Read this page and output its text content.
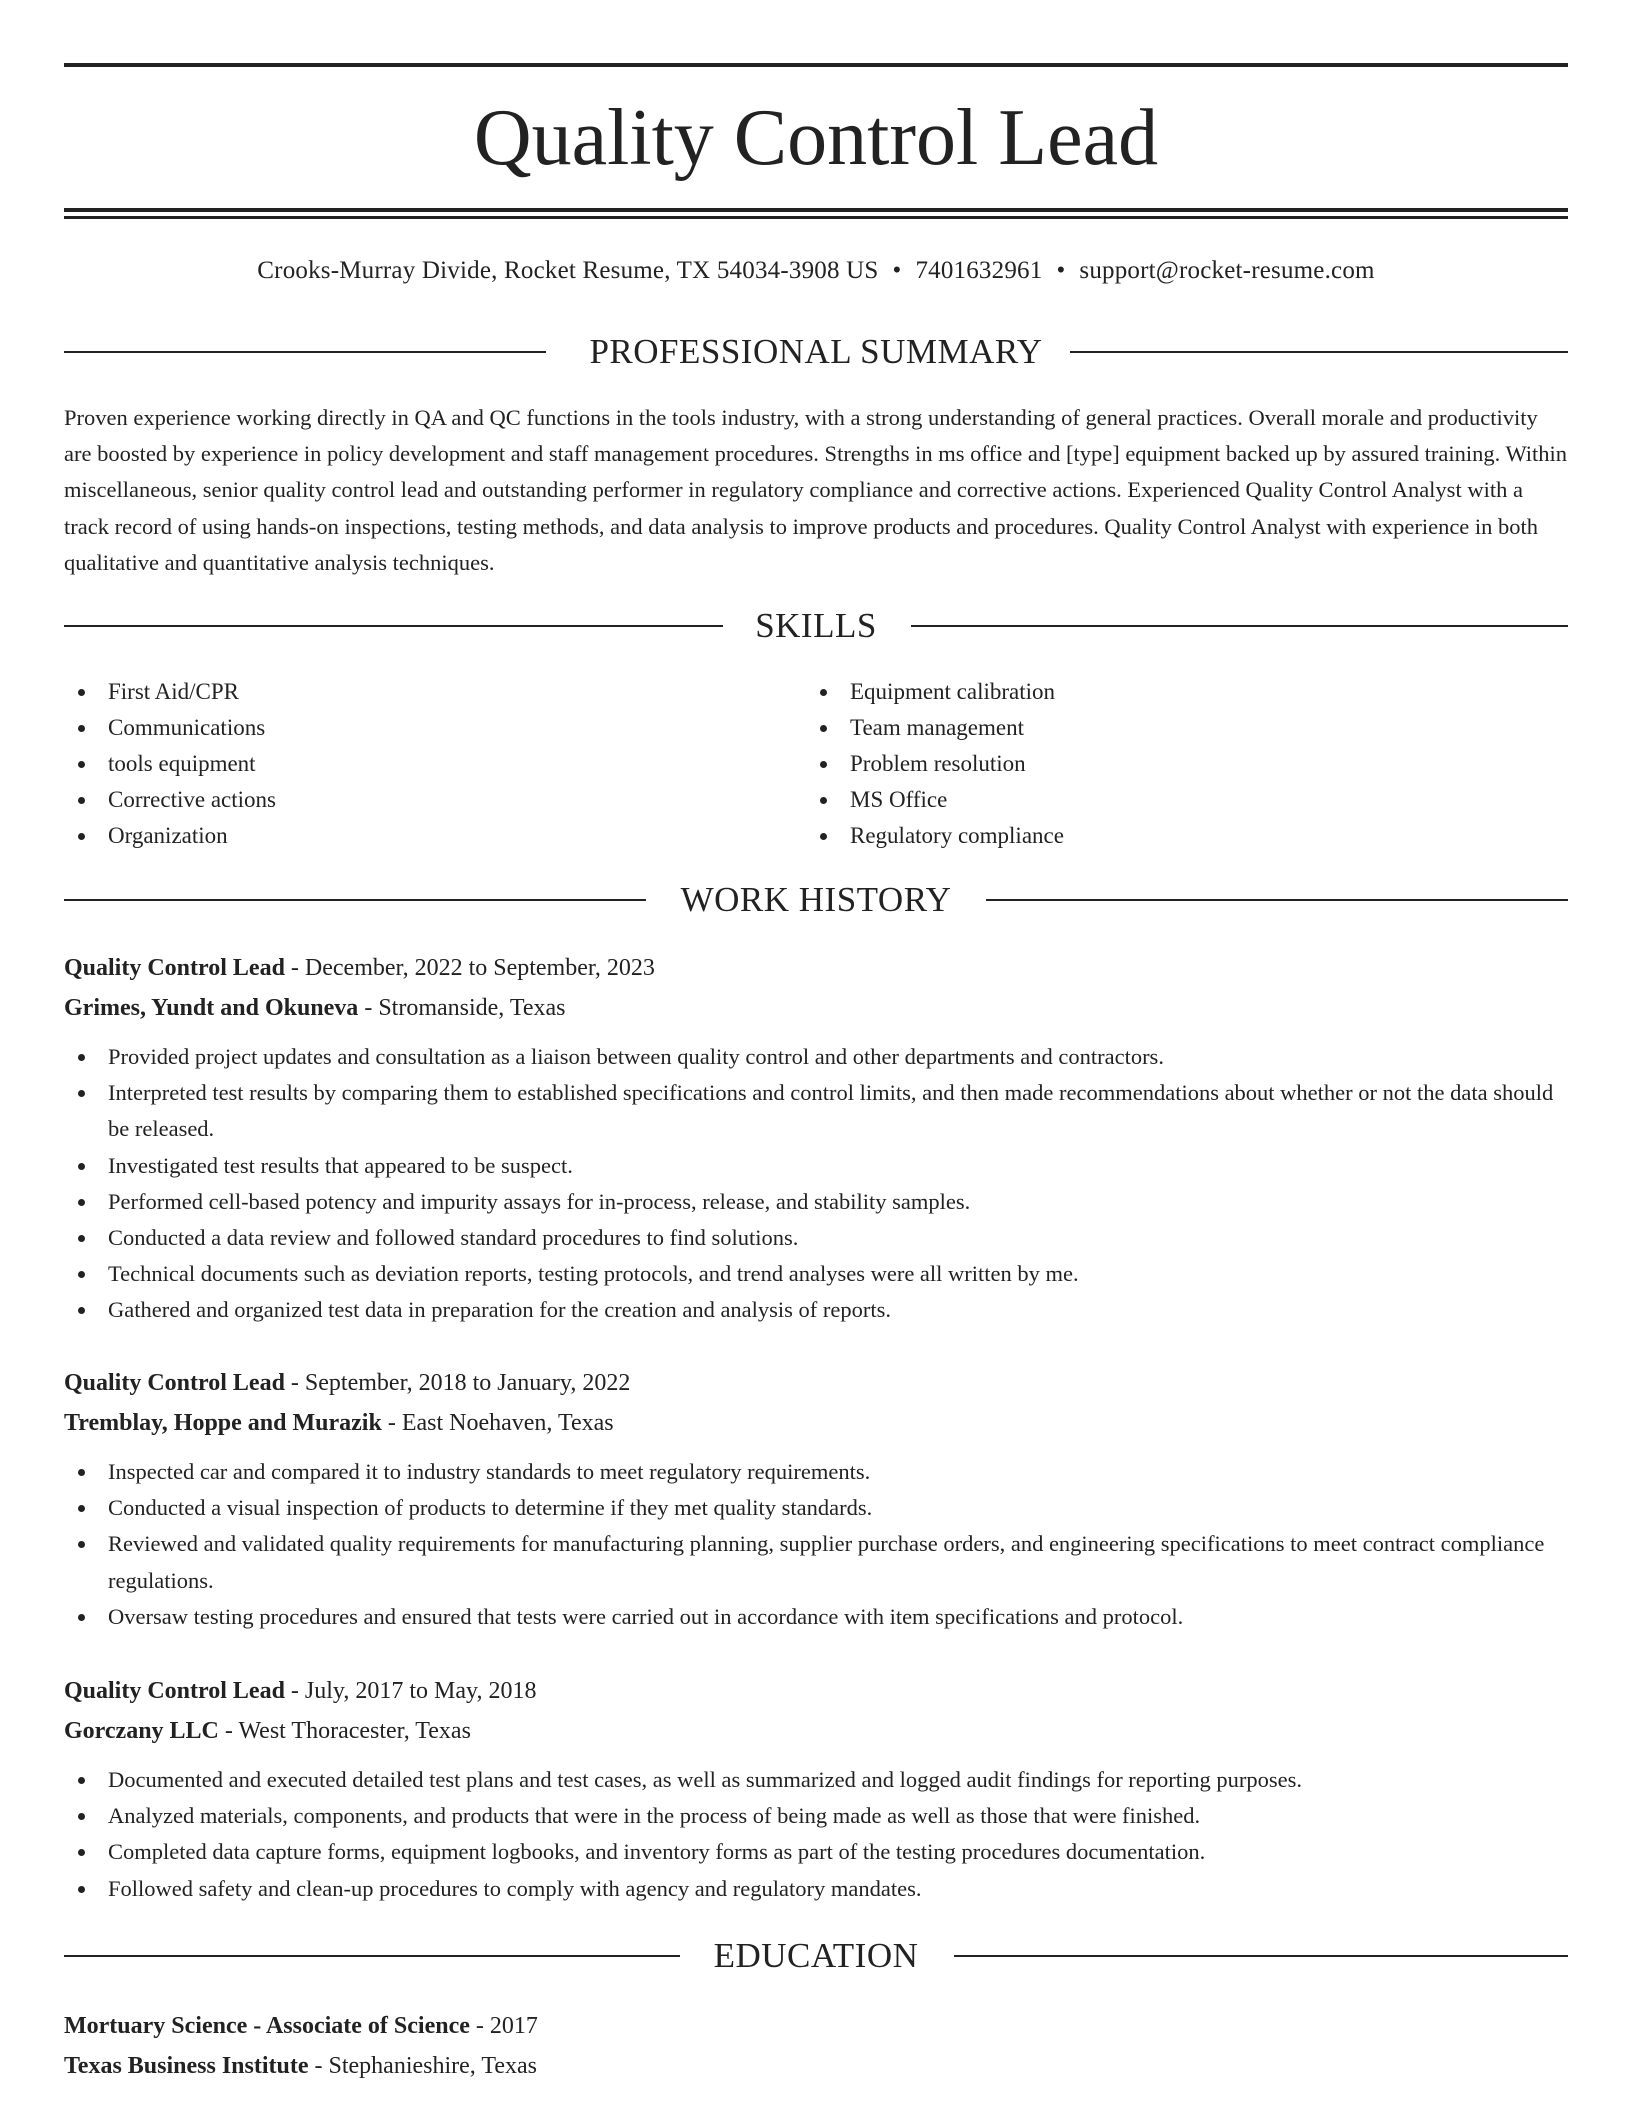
Quality Control Lead
Crooks-Murray Divide, Rocket Resume, TX 54034-3908 US • 7401632961 • support@rocket-resume.com
PROFESSIONAL SUMMARY

Proven experience working directly in QA and QC functions in the tools industry, with a strong understanding of general practices. Overall morale and productivity are boosted by experience in policy development and staff management procedures. Strengths in ms office and [type] equipment backed up by assured training. Within miscellaneous, senior quality control lead and outstanding performer in regulatory compliance and corrective actions. Experienced Quality Control Analyst with a track record of using hands-on inspections, testing methods, and data analysis to improve products and procedures. Quality Control Analyst with experience in both qualitative and quantitative analysis techniques.

SKILLS
First Aid/CPR
Communications
tools equipment
Corrective actions
Organization
Equipment calibration
Team management
Problem resolution
MS Office
Regulatory compliance
WORK HISTORY
Quality Control Lead - December, 2022 to September, 2023
Grimes, Yundt and Okuneva - Stromanside, Texas
Provided project updates and consultation as a liaison between quality control and other departments and contractors.
Interpreted test results by comparing them to established specifications and control limits, and then made recommendations about whether or not the data should be released.
Investigated test results that appeared to be suspect.
Performed cell-based potency and impurity assays for in-process, release, and stability samples.
Conducted a data review and followed standard procedures to find solutions.
Technical documents such as deviation reports, testing protocols, and trend analyses were all written by me.
Gathered and organized test data in preparation for the creation and analysis of reports.
Quality Control Lead - September, 2018 to January, 2022
Tremblay, Hoppe and Murazik - East Noehaven, Texas
Inspected car and compared it to industry standards to meet regulatory requirements.
Conducted a visual inspection of products to determine if they met quality standards.
Reviewed and validated quality requirements for manufacturing planning, supplier purchase orders, and engineering specifications to meet contract compliance regulations.
Oversaw testing procedures and ensured that tests were carried out in accordance with item specifications and protocol.
Quality Control Lead - July, 2017 to May, 2018
Gorczany LLC - West Thoracester, Texas
Documented and executed detailed test plans and test cases, as well as summarized and logged audit findings for reporting purposes.
Analyzed materials, components, and products that were in the process of being made as well as those that were finished.
Completed data capture forms, equipment logbooks, and inventory forms as part of the testing procedures documentation.
Followed safety and clean-up procedures to comply with agency and regulatory mandates.
EDUCATION
Mortuary Science - Associate of Science - 2017
Texas Business Institute - Stephanieshire, Texas
